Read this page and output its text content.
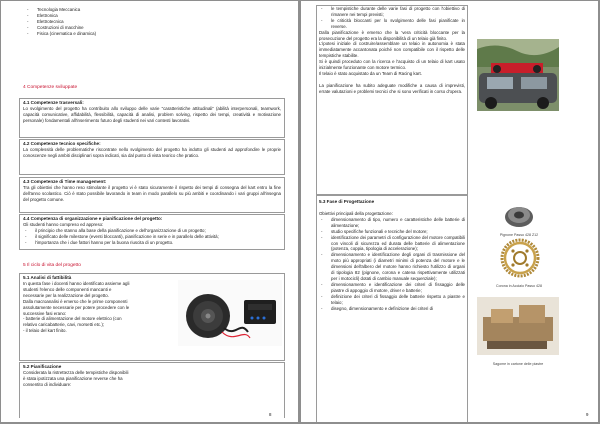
- Tecnologia Meccanica
- Elettronica
- Elettrotecnica
- Costruzioni di macchine
- Fisica (cinematica e dinamica)

4 Competenze sviluppate

4.1 Competenze trasversali:

Lo svolgimento del progetto ha contribuito allo sviluppo delle varie “caratteristiche attitudinali” (abilità interpersonali, teamwork, capacità comunicative, affidabilità, flessibilità, capacità di analisi, problem solving, rispetto dei tempi, creatività e motivazione personale) fondamentali all'inserimento futuro degli studenti nei vari contesti lavorativi.

4.2 Competenze tecnico specifiche:

La complessità delle problematiche riscontrate nello svolgimento del progetto ha indotto gli studenti ad approfondire le proprie conoscenze negli ambiti disciplinari sopra indicati, sia dal punto di vista teorico che pratico.

4.3 Competenze di Time management:

Tra gli obiettivi che hanno reso stimolante il progetto vi è stato sicuramente il rispetto dei tempi di consegna del kart entro la fine dell'anno scolastico. Ciò è stato possibile lavorando in team in modo parallelo su più ambiti e coordinando i vari gruppi all'insegna del progetto comune.

4.4 Competenza di organizzazione e pianificazione del progetto:

Gli studenti hanno compreso ed appreso:

- il principio che stanno alla base della pianificazione e dell'organizzazione di un progetto;
- il significato delle milestone (eventi bloccanti), pianificazione in serie e in parallelo delle attività;
- l'importanza che i due fattori hanno per la buona riuscita di un progetto.

5 Il ciclo di vita del progetto

5.1 Analisi di fattibilità

In questa fase i docenti hanno identificato assieme agli

studenti l'elenco delle componenti mancanti e

necessarie per la realizzazione del progetto.

Dalla macroanalisi è emerso che le prime componenti

assolutamente necessarie per potere procedere con le

successive fasi erano:

- batterie di alimentazione del motore elettrico (con

relativo caricabatterie, cavi, morsetti etc.);

- il telaio del kart finito.

5.2 Pianificazione

Considerata la ristrettezza delle tempistiche disponibili

è stata ipotizzata una pianificazione reverse che ha

consentito di individuare:

8
- le tempistiche durante delle varie fasi di progetto con l'obiettivo di rimanere nei tempi previsti;
- le criticità bloccanti per lo svolgimento delle fasi pianificate in reverse.

Dalla pianificazione è emerso che la ‘vera criticità bloccante per la prosecuzione del progetto era la disponibilità di un telaio già finito.

L'ipotesi iniziale di costruire/assemblare un telaio in autonomia è stata immediatamente accantonata poiché non compatibile con il rispetto delle tempistiche stabilite.

Si è quindi proceduto con la ricerca e l'acquisto di un telaio di kart usato inizialmente funzionante con motore termico.

Il telaio è stato acquistato da un Team di Racing kart.

La pianificazione ha subito adeguate modifiche a causa di imprevisti, errate valutazioni e problemi tecnici che si sono verificati in corso d'opera.

5.3 Fase di Progettazione

Obiettivi principali della progettazione:

- dimensionamento di tipo, numero e caratteristiche delle batterie di alimentazione;
- studio specifiche funzionali e tecniche del motore;
- identificazione dei parametri di configurazione del motore compatibili con vincoli di sicurezza ed durata delle batterie di alimentazione (potenza, coppia, tipologia di accelerazione);
- dimensionamento e identificazione degli organi di trasmissione del moto più appropriati (i diametri minimi di potenza del motore e le dimensioni dell'albero del motore hanno richiesto l'utilizzo di organi di tipologia 82 (pignone, corona e catena rispettivamente utilizzati per i motocicli) dotati di cambio manuale sequenziale);
- dimensionamento e identificazione dei criteri di fissaggio delle piastre di appoggio di motore, driver e batterie;
- definizione dei criteri di fissaggio delle batterie rispetto a piastre e telaio;
- disegno, dimensionamento e definizione dei criteri di

Pignone Passo 428 Z12

Corona in Acciaio Passo 428

Sagome in cartone delle piastre

9
